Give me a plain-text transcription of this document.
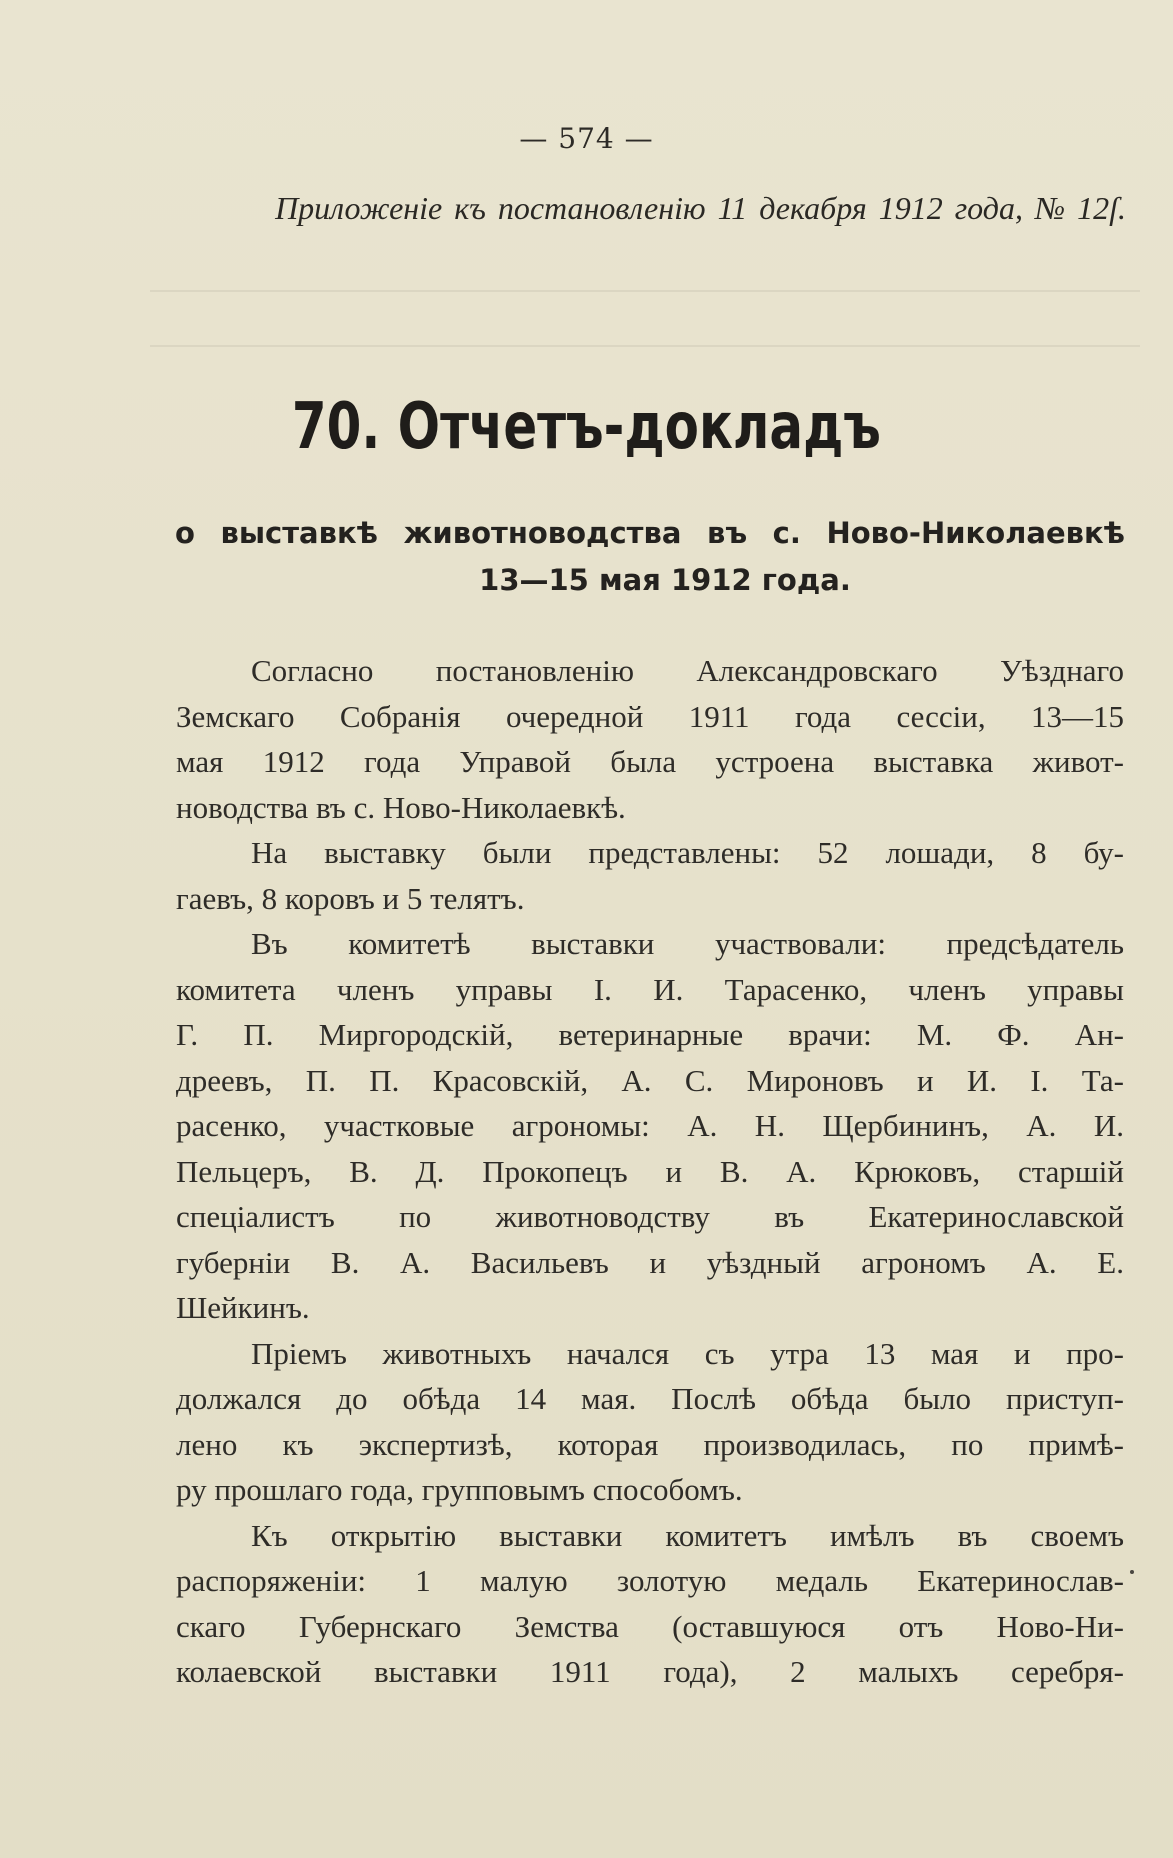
— 574 —
Приложеніе къ постановленію 11 декабря 1912 года, № 12ſ.
70. Отчетъ-докладъ
о выставкѣ животноводства въ с. Ново-Николаевкѣ
13—15 мая 1912 года.
Согласно постановленію Александровскаго Уѣзднаго
Земскаго Собранія очередной 1911 года сессіи, 13—15
мая 1912 года Управой была устроена выставка живот-
новодства въ с. Ново-Николаевкѣ.
На выставку были представлены: 52 лошади, 8 бу-
гаевъ, 8 коровъ и 5 телятъ.
Въ комитетѣ выставки участвовали: предсѣдатель
комитета членъ управы І. И. Тарасенко, членъ управы
Г. П. Миргородскій, ветеринарные врачи: М. Ф. Ан-
дреевъ, П. П. Красовскій, А. С. Мироновъ и И. І. Та-
расенко, участковые агрономы: А. Н. Щербининъ, А. И.
Пельцеръ, В. Д. Прокопецъ и В. А. Крюковъ, старшій
спеціалистъ по животноводству въ Екатеринославской
губерніи В. А. Васильевъ и уѣздный агрономъ А. Е.
Шейкинъ.
Пріемъ животныхъ начался съ утра 13 мая и про-
должался до обѣда 14 мая. Послѣ обѣда было приступ-
лено къ экспертизѣ, которая производилась, по примѣ-
ру прошлаго года, групповымъ способомъ.
Къ открытію выставки комитетъ имѣлъ въ своемъ
распоряженіи: 1 малую золотую медаль Екатеринослав-
скаго Губернскаго Земства (оставшуюся отъ Ново-Ни-
колаевской выставки 1911 года), 2 малыхъ серебря-
